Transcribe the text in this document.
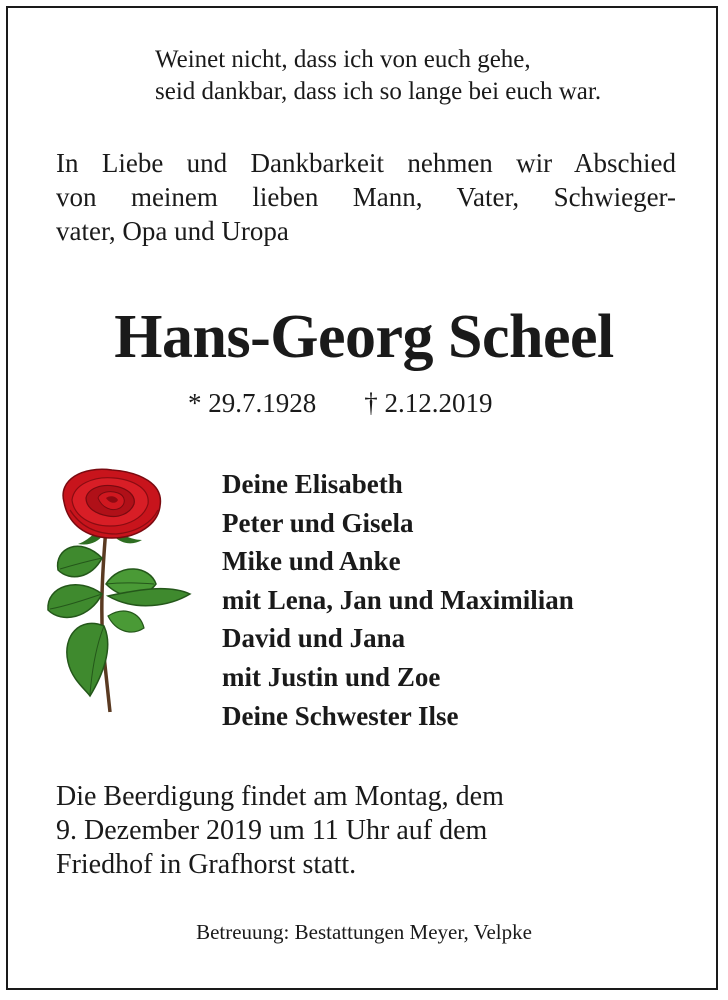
Weinet nicht, dass ich von euch gehe,
seid dankbar, dass ich so lange bei euch war.
In Liebe und Dankbarkeit nehmen wir Abschied
von meinem lieben Mann, Vater, Schwieger-
vater, Opa und Uropa
Hans-Georg Scheel
* 29.7.1928 † 2.12.2019
Deine Elisabeth
Peter und Gisela
Mike und Anke
mit Lena, Jan und Maximilian
David und Jana
mit Justin und Zoe
Deine Schwester Ilse
Die Beerdigung findet am Montag, dem
9. Dezember 2019 um 11 Uhr auf dem
Friedhof in Grafhorst statt.
Betreuung: Bestattungen Meyer, Velpke
